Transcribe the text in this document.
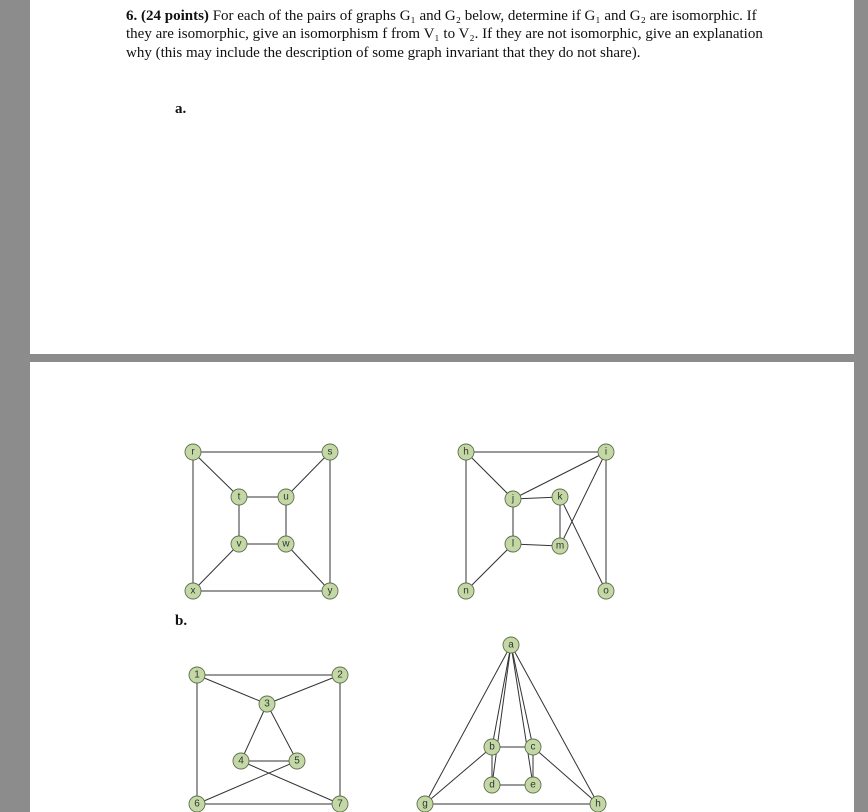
6. (24 points) For each of the pairs of graphs G₁ and G₂ below, determine if G₁ and G₂ are isomorphic. If they are isomorphic, give an isomorphism f from V₁ to V₂. If they are not isomorphic, give an explanation why (this may include the description of some graph invariant that they do not share).

a.
b.
r	s
t	u
v	w
x	y
h	i
j	k
l	m
n	o
1	2
3
4	5
6	7
a
b	c
d	e
g	h
